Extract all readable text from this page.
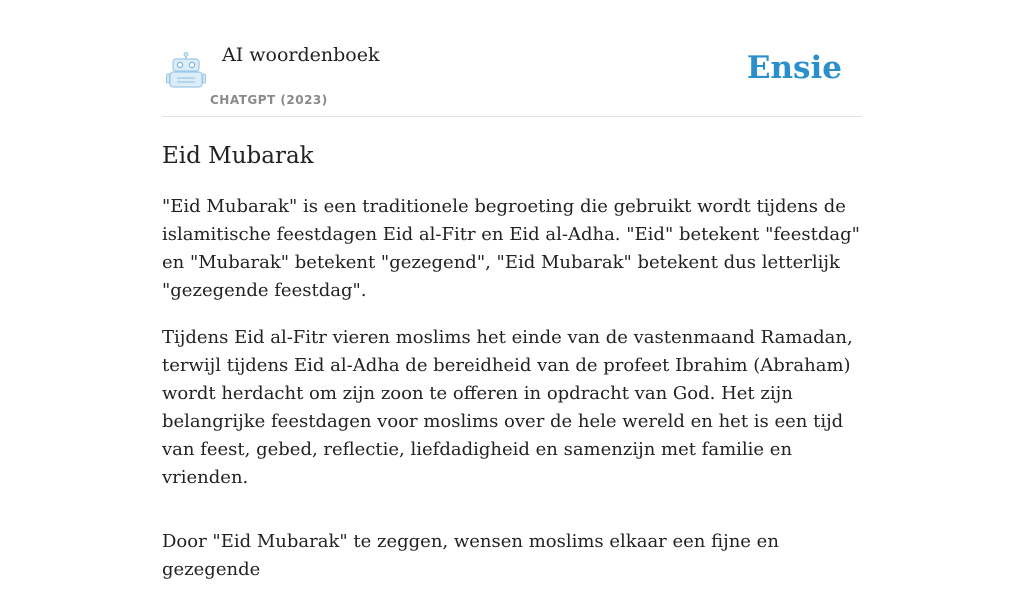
AI woordenboek
CHATGPT (2023)
Ensie
Eid Mubarak

"Eid Mubarak" is een traditionele begroeting die gebruikt wordt tijdens de islamitische feestdagen Eid al-Fitr en Eid al-Adha. "Eid" betekent "feestdag" en "Mubarak" betekent "gezegend", "Eid Mubarak" betekent dus letterlijk "gezegende feestdag".

Tijdens Eid al-Fitr vieren moslims het einde van de vastenmaand Ramadan, terwijl tijdens Eid al-Adha de bereidheid van de profeet Ibrahim (Abraham) wordt herdacht om zijn zoon te offeren in opdracht van God. Het zijn belangrijke feestdagen voor moslims over de hele wereld en het is een tijd van feest, gebed, reflectie, liefdadigheid en samenzijn met familie en vrienden.

Door "Eid Mubarak" te zeggen, wensen moslims elkaar een fijne en gezegende
